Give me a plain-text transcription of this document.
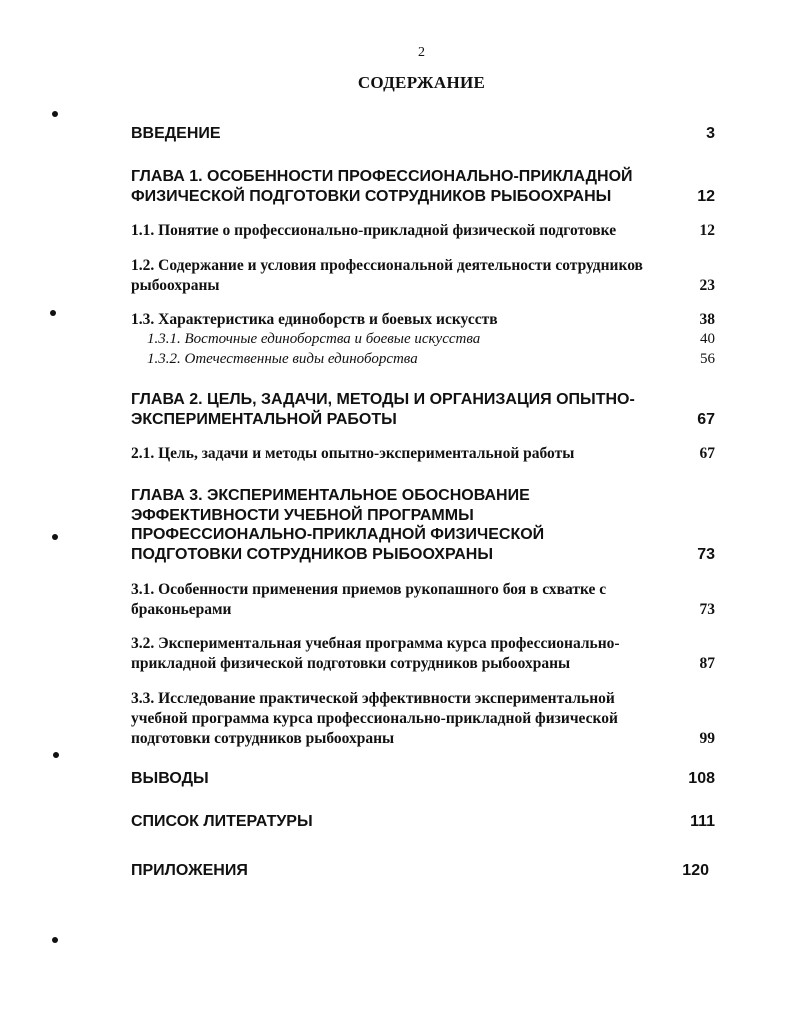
2
СОДЕРЖАНИЕ
ВВЕДЕНИЕ	3
ГЛАВА 1. ОСОБЕННОСТИ ПРОФЕССИОНАЛЬНО-ПРИКЛАДНОЙ
ФИЗИЧЕСКОЙ ПОДГОТОВКИ СОТРУДНИКОВ РЫБООХРАНЫ	12
1.1. Понятие о профессионально-прикладной физической подготовке	12
1.2. Содержание и условия профессиональной деятельности сотрудников
рыбоохраны	23
1.3. Характеристика единоборств и боевых искусств	38
1.3.1. Восточные единоборства и боевые искусства	40
1.3.2. Отечественные виды единоборства	56
ГЛАВА 2. ЦЕЛЬ, ЗАДАЧИ, МЕТОДЫ И ОРГАНИЗАЦИЯ ОПЫТНО-
ЭКСПЕРИМЕНТАЛЬНОЙ РАБОТЫ	67
2.1. Цель, задачи и методы опытно-экспериментальной работы	67
ГЛАВА 3. ЭКСПЕРИМЕНТАЛЬНОЕ ОБОСНОВАНИЕ
ЭФФЕКТИВНОСТИ УЧЕБНОЙ ПРОГРАММЫ
ПРОФЕССИОНАЛЬНО-ПРИКЛАДНОЙ ФИЗИЧЕСКОЙ
ПОДГОТОВКИ СОТРУДНИКОВ РЫБООХРАНЫ	73
3.1. Особенности применения приемов рукопашного боя в схватке с
браконьерами	73
3.2. Экспериментальная учебная программа курса профессионально-
прикладной физической подготовки сотрудников рыбоохраны	87
3.3. Исследование практической эффективности экспериментальной
учебной программа курса профессионально-прикладной физической
подготовки сотрудников рыбоохраны	99
ВЫВОДЫ	108
СПИСОК ЛИТЕРАТУРЫ	111
ПРИЛОЖЕНИЯ	120
